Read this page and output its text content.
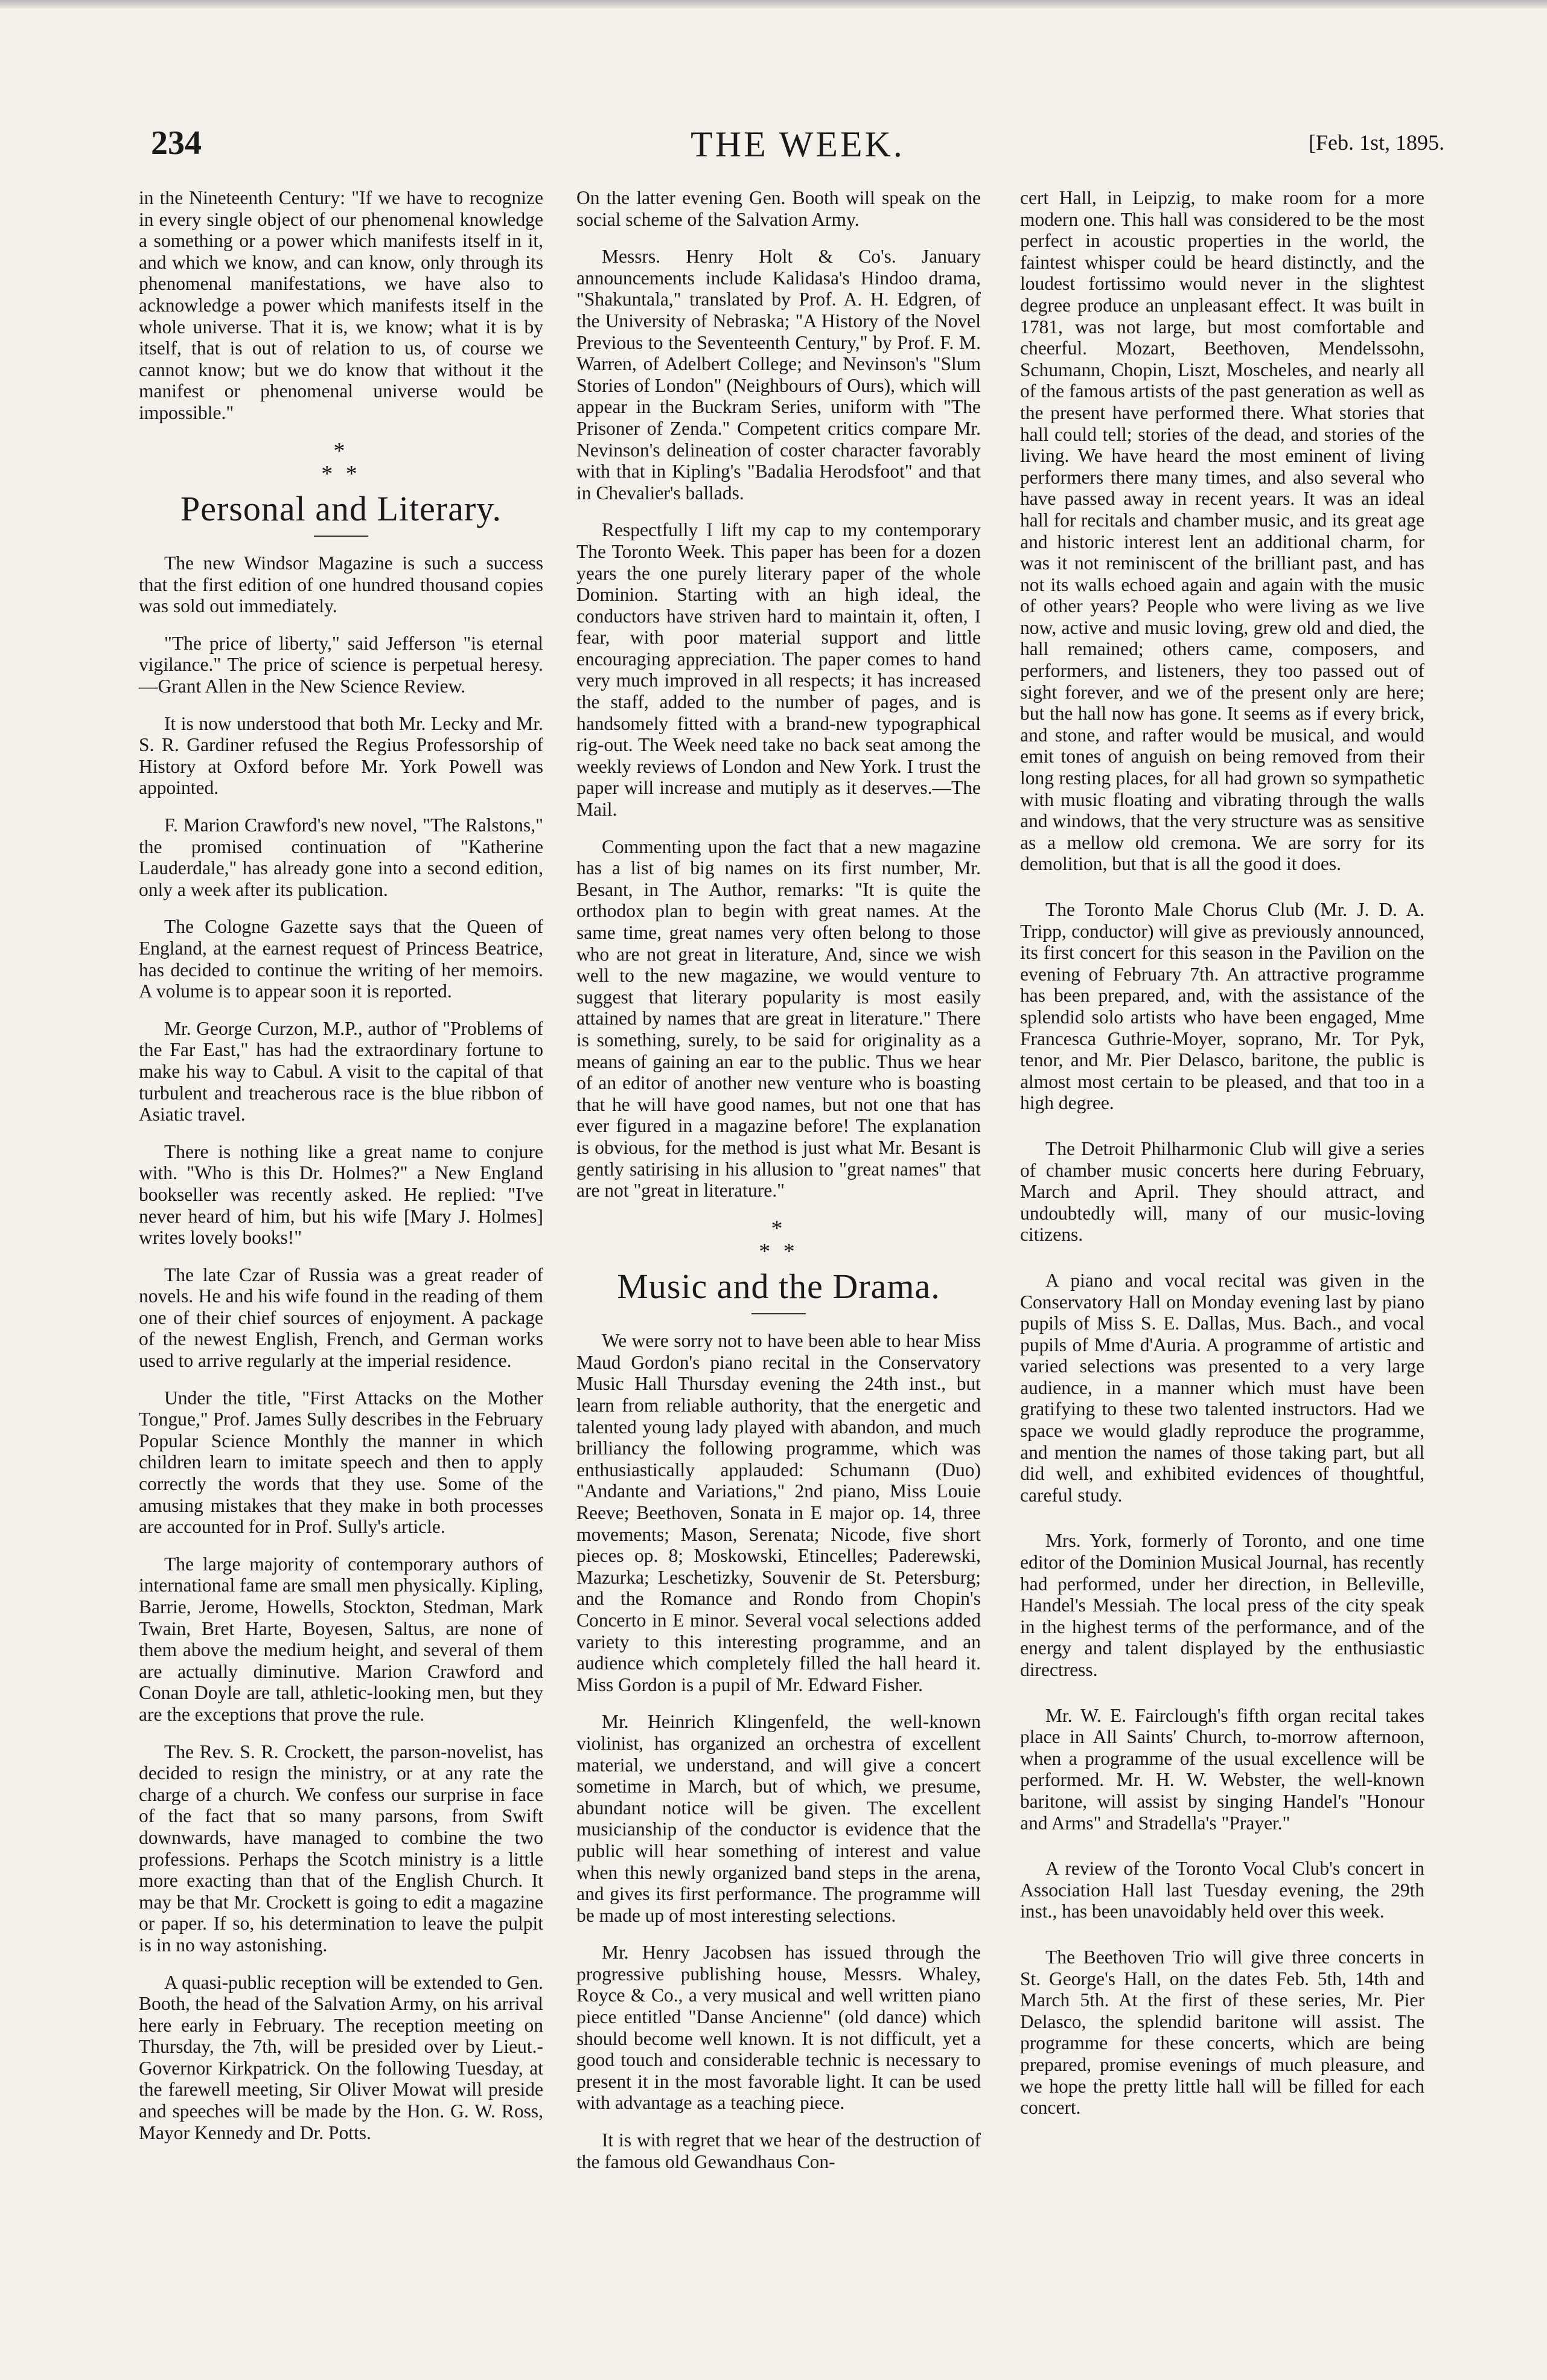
234	THE WEEK.	[Feb. 1st, 1895.

in the Nineteenth Century: "If we have to recognize in every single object of our phenomenal knowledge a something or a power which manifests itself in it, and which we know, and can know, only through its phenomenal manifestations, we have also to acknowledge a power which manifests itself in the whole universe. That it is, we know; what it is by itself, that is out of relation to us, of course we cannot know; but we do know that without it the manifest or phenomenal universe would be impossible."

*
* *
Personal and Literary.

The new Windsor Magazine is such a success that the first edition of one hundred thousand copies was sold out immediately.

"The price of liberty," said Jefferson "is eternal vigilance." The price of science is perpetual heresy.—Grant Allen in the New Science Review.

It is now understood that both Mr. Lecky and Mr. S. R. Gardiner refused the Regius Professorship of History at Oxford before Mr. York Powell was appointed.

F. Marion Crawford's new novel, "The Ralstons," the promised continuation of "Katherine Lauderdale," has already gone into a second edition, only a week after its publication.

The Cologne Gazette says that the Queen of England, at the earnest request of Princess Beatrice, has decided to continue the writing of her memoirs. A volume is to appear soon it is reported.

Mr. George Curzon, M.P., author of "Problems of the Far East," has had the extraordinary fortune to make his way to Cabul. A visit to the capital of that turbulent and treacherous race is the blue ribbon of Asiatic travel.

There is nothing like a great name to conjure with. "Who is this Dr. Holmes?" a New England bookseller was recently asked. He replied: "I've never heard of him, but his wife [Mary J. Holmes] writes lovely books!"

The late Czar of Russia was a great reader of novels. He and his wife found in the reading of them one of their chief sources of enjoyment. A package of the newest English, French, and German works used to arrive regularly at the imperial residence.

Under the title, "First Attacks on the Mother Tongue," Prof. James Sully describes in the February Popular Science Monthly the manner in which children learn to imitate speech and then to apply correctly the words that they use. Some of the amusing mistakes that they make in both processes are accounted for in Prof. Sully's article.

The large majority of contemporary authors of international fame are small men physically. Kipling, Barrie, Jerome, Howells, Stockton, Stedman, Mark Twain, Bret Harte, Boyesen, Saltus, are none of them above the medium height, and several of them are actually diminutive. Marion Crawford and Conan Doyle are tall, athletic-looking men, but they are the exceptions that prove the rule.

The Rev. S. R. Crockett, the parson-novelist, has decided to resign the ministry, or at any rate the charge of a church. We confess our surprise in face of the fact that so many parsons, from Swift downwards, have managed to combine the two professions. Perhaps the Scotch ministry is a little more exacting than that of the English Church. It may be that Mr. Crockett is going to edit a magazine or paper. If so, his determination to leave the pulpit is in no way astonishing.

A quasi-public reception will be extended to Gen. Booth, the head of the Salvation Army, on his arrival here early in February. The reception meeting on Thursday, the 7th, will be presided over by Lieut.-Governor Kirkpatrick. On the following Tuesday, at the farewell meeting, Sir Oliver Mowat will preside and speeches will be made by the Hon. G. W. Ross, Mayor Kennedy and Dr. Potts.

On the latter evening Gen. Booth will speak on the social scheme of the Salvation Army.

Messrs. Henry Holt & Co's. January announcements include Kalidasa's Hindoo drama, "Shakuntala," translated by Prof. A. H. Edgren, of the University of Nebraska; "A History of the Novel Previous to the Seventeenth Century," by Prof. F. M. Warren, of Adelbert College; and Nevinson's "Slum Stories of London" (Neighbours of Ours), which will appear in the Buckram Series, uniform with "The Prisoner of Zenda." Competent critics compare Mr. Nevinson's delineation of coster character favorably with that in Kipling's "Badalia Herodsfoot" and that in Chevalier's ballads.

Respectfully I lift my cap to my contemporary The Toronto Week. This paper has been for a dozen years the one purely literary paper of the whole Dominion. Starting with an high ideal, the conductors have striven hard to maintain it, often, I fear, with poor material support and little encouraging appreciation. The paper comes to hand very much improved in all respects; it has increased the staff, added to the number of pages, and is handsomely fitted with a brand-new typographical rig-out. The Week need take no back seat among the weekly reviews of London and New York. I trust the paper will increase and mutiply as it deserves.—The Mail.

Commenting upon the fact that a new magazine has a list of big names on its first number, Mr. Besant, in The Author, remarks: "It is quite the orthodox plan to begin with great names. At the same time, great names very often belong to those who are not great in literature, And, since we wish well to the new magazine, we would venture to suggest that literary popularity is most easily attained by names that are great in literature." There is something, surely, to be said for originality as a means of gaining an ear to the public. Thus we hear of an editor of another new venture who is boasting that he will have good names, but not one that has ever figured in a magazine before! The explanation is obvious, for the method is just what Mr. Besant is gently satirising in his allusion to "great names" that are not "great in literature."

*
* *
Music and the Drama.

We were sorry not to have been able to hear Miss Maud Gordon's piano recital in the Conservatory Music Hall Thursday evening the 24th inst., but learn from reliable authority, that the energetic and talented young lady played with abandon, and much brilliancy the following programme, which was enthusiastically applauded: Schumann (Duo) "Andante and Variations," 2nd piano, Miss Louie Reeve; Beethoven, Sonata in E major op. 14, three movements; Mason, Serenata; Nicode, five short pieces op. 8; Moskowski, Etincelles; Paderewski, Mazurka; Leschetizky, Souvenir de St. Petersburg; and the Romance and Rondo from Chopin's Concerto in E minor. Several vocal selections added variety to this interesting programme, and an audience which completely filled the hall heard it. Miss Gordon is a pupil of Mr. Edward Fisher.

Mr. Heinrich Klingenfeld, the well-known violinist, has organized an orchestra of excellent material, we understand, and will give a concert sometime in March, but of which, we presume, abundant notice will be given. The excellent musicianship of the conductor is evidence that the public will hear something of interest and value when this newly organized band steps in the arena, and gives its first performance. The programme will be made up of most interesting selections.

Mr. Henry Jacobsen has issued through the progressive publishing house, Messrs. Whaley, Royce & Co., a very musical and well written piano piece entitled "Danse Ancienne" (old dance) which should become well known. It is not difficult, yet a good touch and considerable technic is necessary to present it in the most favorable light. It can be used with advantage as a teaching piece.

It is with regret that we hear of the destruction of the famous old Gewandhaus Con-

cert Hall, in Leipzig, to make room for a more modern one. This hall was considered to be the most perfect in acoustic properties in the world, the faintest whisper could be heard distinctly, and the loudest fortissimo would never in the slightest degree produce an unpleasant effect. It was built in 1781, was not large, but most comfortable and cheerful. Mozart, Beethoven, Mendelssohn, Schumann, Chopin, Liszt, Moscheles, and nearly all of the famous artists of the past generation as well as the present have performed there. What stories that hall could tell; stories of the dead, and stories of the living. We have heard the most eminent of living performers there many times, and also several who have passed away in recent years. It was an ideal hall for recitals and chamber music, and its great age and historic interest lent an additional charm, for was it not reminiscent of the brilliant past, and has not its walls echoed again and again with the music of other years? People who were living as we live now, active and music loving, grew old and died, the hall remained; others came, composers, and performers, and listeners, they too passed out of sight forever, and we of the present only are here; but the hall now has gone. It seems as if every brick, and stone, and rafter would be musical, and would emit tones of anguish on being removed from their long resting places, for all had grown so sympathetic with music floating and vibrating through the walls and windows, that the very structure was as sensitive as a mellow old cremona. We are sorry for its demolition, but that is all the good it does.

The Toronto Male Chorus Club (Mr. J. D. A. Tripp, conductor) will give as previously announced, its first concert for this season in the Pavilion on the evening of February 7th. An attractive programme has been prepared, and, with the assistance of the splendid solo artists who have been engaged, Mme Francesca Guthrie-Moyer, soprano, Mr. Tor Pyk, tenor, and Mr. Pier Delasco, baritone, the public is almost most certain to be pleased, and that too in a high degree.

The Detroit Philharmonic Club will give a series of chamber music concerts here during February, March and April. They should attract, and undoubtedly will, many of our music-loving citizens.

A piano and vocal recital was given in the Conservatory Hall on Monday evening last by piano pupils of Miss S. E. Dallas, Mus. Bach., and vocal pupils of Mme d'Auria. A programme of artistic and varied selections was presented to a very large audience, in a manner which must have been gratifying to these two talented instructors. Had we space we would gladly reproduce the programme, and mention the names of those taking part, but all did well, and exhibited evidences of thoughtful, careful study.

Mrs. York, formerly of Toronto, and one time editor of the Dominion Musical Journal, has recently had performed, under her direction, in Belleville, Handel's Messiah. The local press of the city speak in the highest terms of the performance, and of the energy and talent displayed by the enthusiastic directress.

Mr. W. E. Fairclough's fifth organ recital takes place in All Saints' Church, to-morrow afternoon, when a programme of the usual excellence will be performed. Mr. H. W. Webster, the well-known baritone, will assist by singing Handel's "Honour and Arms" and Stradella's "Prayer."

A review of the Toronto Vocal Club's concert in Association Hall last Tuesday evening, the 29th inst., has been unavoidably held over this week.

The Beethoven Trio will give three concerts in St. George's Hall, on the dates Feb. 5th, 14th and March 5th. At the first of these series, Mr. Pier Delasco, the splendid baritone will assist. The programme for these concerts, which are being prepared, promise evenings of much pleasure, and we hope the pretty little hall will be filled for each concert.
